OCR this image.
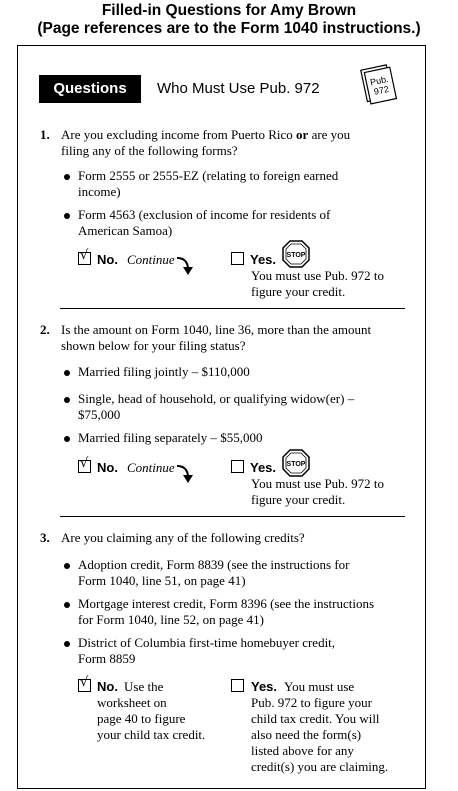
Filled-in Questions for Amy Brown
(Page references are to the Form 1040 instructions.)
Questions	Who Must Use Pub. 972	Pub.
972
1. Are you excluding income from Puerto Rico or are you
filing any of the following forms?
Form 2555 or 2555-EZ (relating to foreign earned
income)
Form 4563 (exclusion of income for residents of
American Samoa)
√ No. Continue	Yes. STOP
You must use Pub. 972 to
figure your credit.
2. Is the amount on Form 1040, line 36, more than the amount
shown below for your filing status?
Married filing jointly – $110,000
Single, head of household, or qualifying widow(er) –
$75,000
Married filing separately – $55,000
√ No. Continue	Yes. STOP
You must use Pub. 972 to
figure your credit.
3. Are you claiming any of the following credits?
Adoption credit, Form 8839 (see the instructions for
Form 1040, line 51, on page 41)
Mortgage interest credit, Form 8396 (see the instructions
for Form 1040, line 52, on page 41)
District of Columbia first-time homebuyer credit,
Form 8859
√ No. Use the
worksheet on
page 40 to figure
your child tax credit.
Yes. You must use
Pub. 972 to figure your
child tax credit. You will
also need the form(s)
listed above for any
credit(s) you are claiming.
